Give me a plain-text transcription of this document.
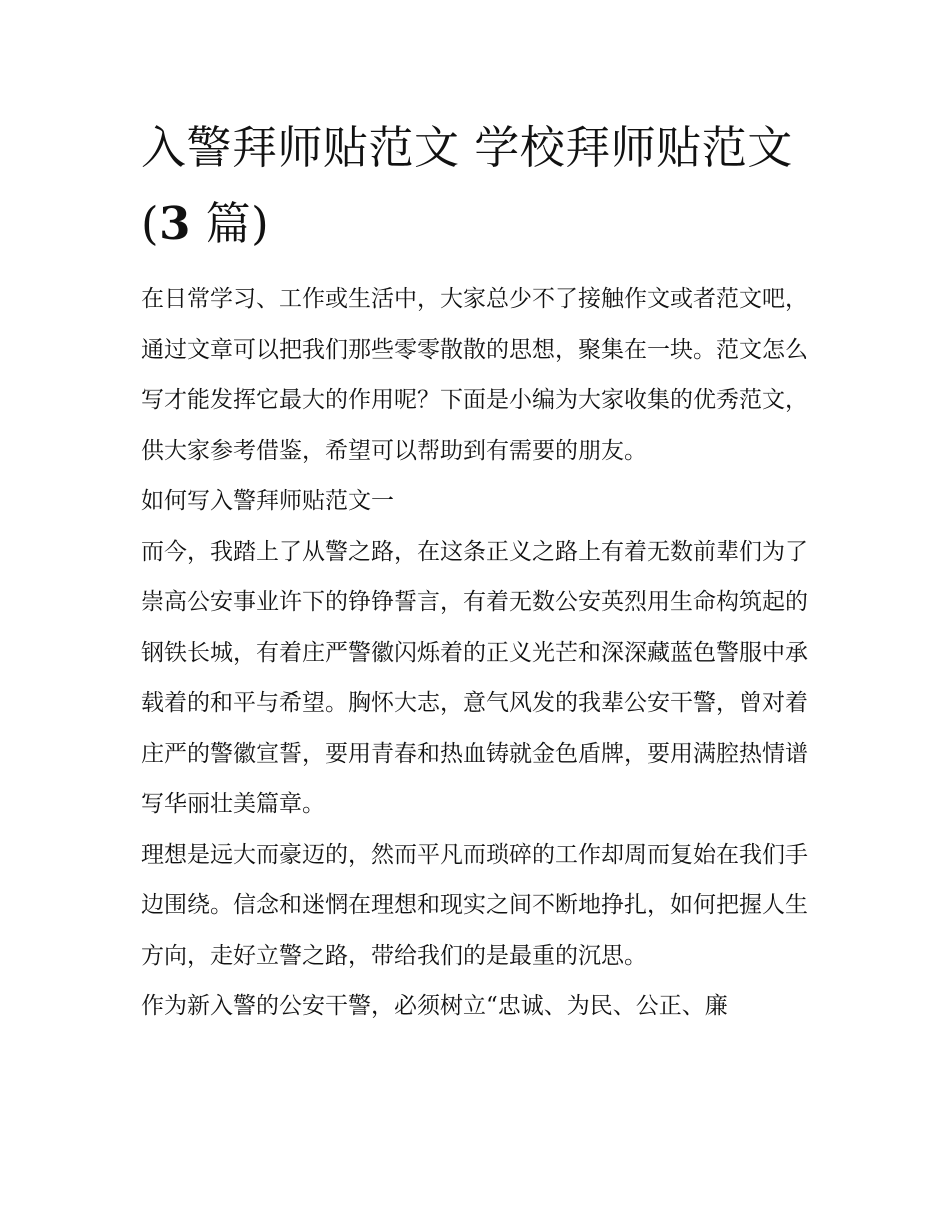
入警拜师贴范文 学校拜师贴范文(3 篇)

在日常学习、工作或生活中，大家总少不了接触作文或者范文吧，通过文章可以把我们那些零零散散的思想，聚集在一块。范文怎么写才能发挥它最大的作用呢？下面是小编为大家收集的优秀范文，供大家参考借鉴，希望可以帮助到有需要的朋友。

如何写入警拜师贴范文一

而今，我踏上了从警之路，在这条正义之路上有着无数前辈们为了崇高公安事业许下的铮铮誓言，有着无数公安英烈用生命构筑起的钢铁长城，有着庄严警徽闪烁着的正义光芒和深深藏蓝色警服中承载着的和平与希望。胸怀大志，意气风发的我辈公安干警，曾对着庄严的警徽宣誓，要用青春和热血铸就金色盾牌，要用满腔热情谱写华丽壮美篇章。

理想是远大而豪迈的，然而平凡而琐碎的工作却周而复始在我们手边围绕。信念和迷惘在理想和现实之间不断地挣扎，如何把握人生方向，走好立警之路，带给我们的是最重的沉思。

作为新入警的公安干警，必须树立“忠诚、为民、公正、廉
